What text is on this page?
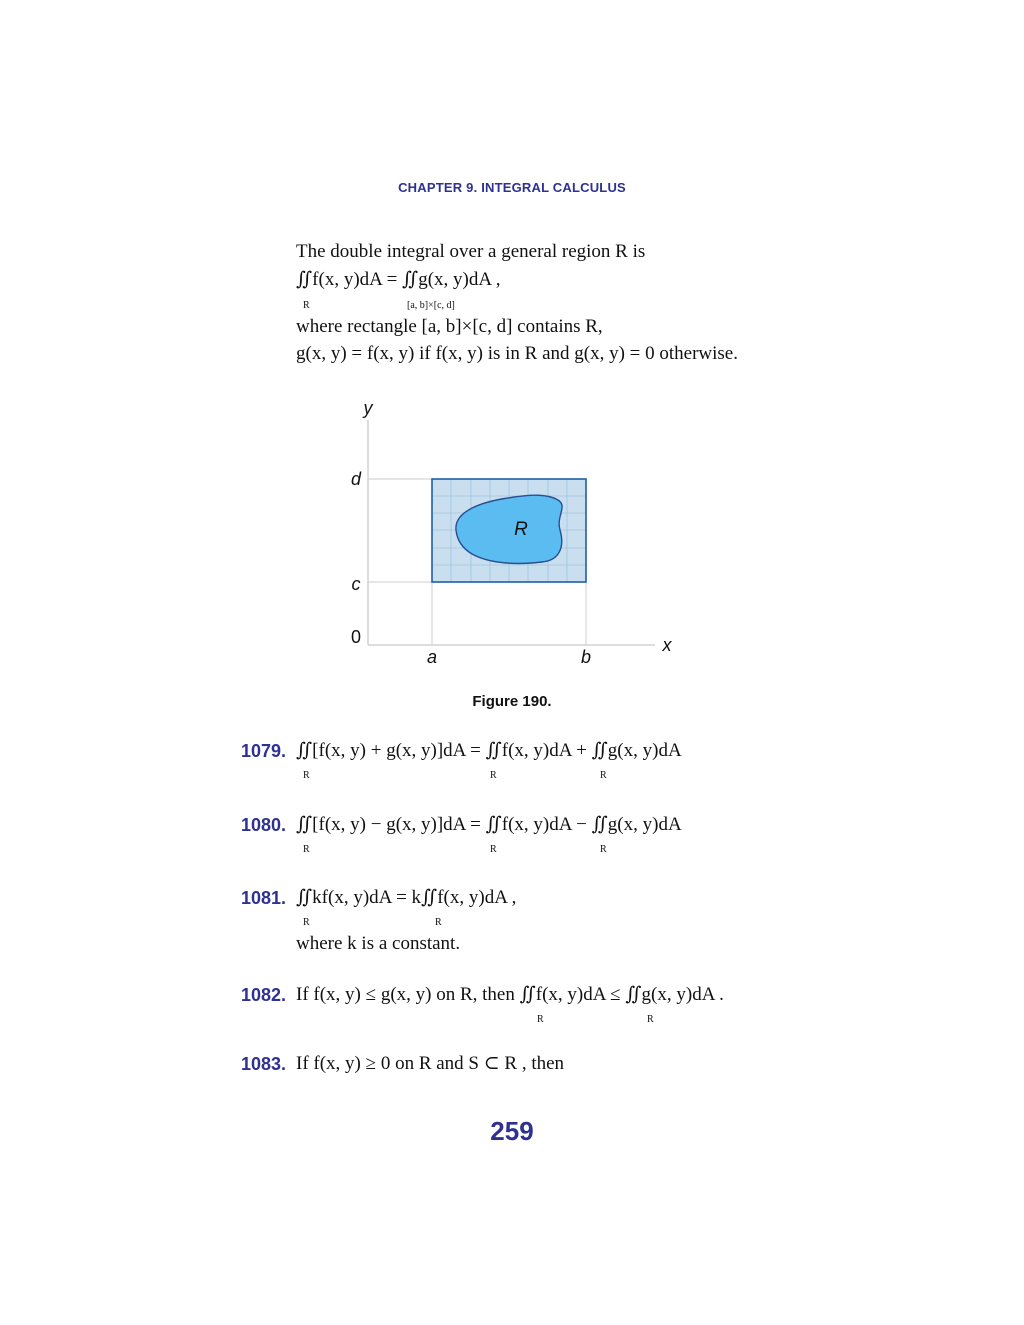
CHAPTER 9. INTEGRAL CALCULUS
The double integral over a general region R is
∬f(x, y)dA = ∬g(x, y)dA ,
R	[a, b]×[c, d]
where rectangle [a, b]×[c, d] contains R,
g(x, y) = f(x, y) if f(x, y) is in R and g(x, y) = 0 otherwise.
y
d
c
0
a	b
x
R
Figure 190.
1079. ∬[f(x, y) + g(x, y)]dA = ∬f(x, y)dA + ∬g(x, y)dA
R	R	R
1080. ∬[f(x, y) − g(x, y)]dA = ∬f(x, y)dA − ∬g(x, y)dA
R	R	R
1081. ∬kf(x, y)dA = k∬f(x, y)dA ,
R	R
where k is a constant.
1082. If f(x, y) ≤ g(x, y) on R, then ∬f(x, y)dA ≤ ∬g(x, y)dA .
R	R
1083. If f(x, y) ≥ 0 on R and S ⊂ R , then
259
